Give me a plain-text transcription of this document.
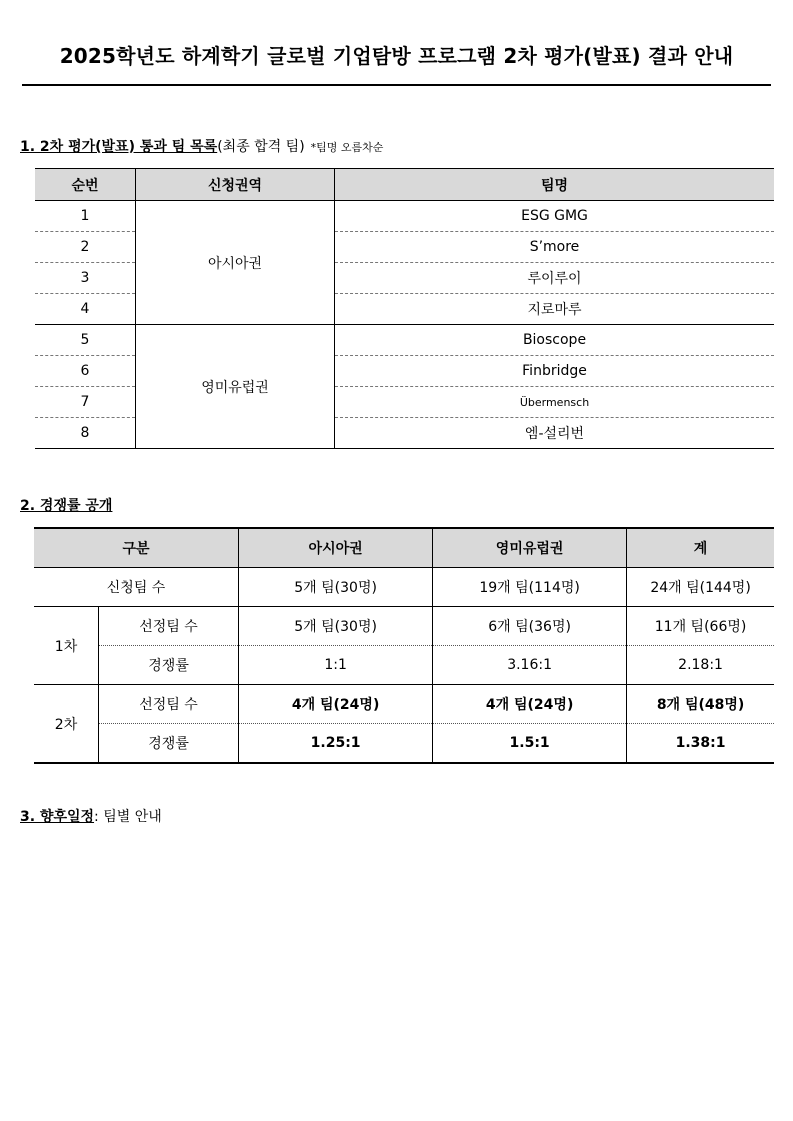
2025학년도 하계학기 글로벌 기업탐방 프로그램 2차 평가(발표) 결과 안내
1. 2차 평가(발표) 통과 팀 목록(최종 합격 팀) *팀명 오름차순
순번	신청권역	팀명
1	아시아권	ESG GMG
2		S’more
3		루이루이
4		지로마루
5	영미유럽권	Bioscope
6		Finbridge
7		Übermensch
8		엠-설리번
2. 경쟁률 공개
구분		아시아권	영미유럽권	계
신청팀 수		5개 팀(30명)	19개 팀(114명)	24개 팀(144명)
1차	선정팀 수	5개 팀(30명)	6개 팀(36명)	11개 팀(66명)
	경쟁률	1:1	3.16:1	2.18:1
2차	선정팀 수	4개 팀(24명)	4개 팀(24명)	8개 팀(48명)
	경쟁률	1.25:1	1.5:1	1.38:1
3. 향후일정: 팀별 안내
